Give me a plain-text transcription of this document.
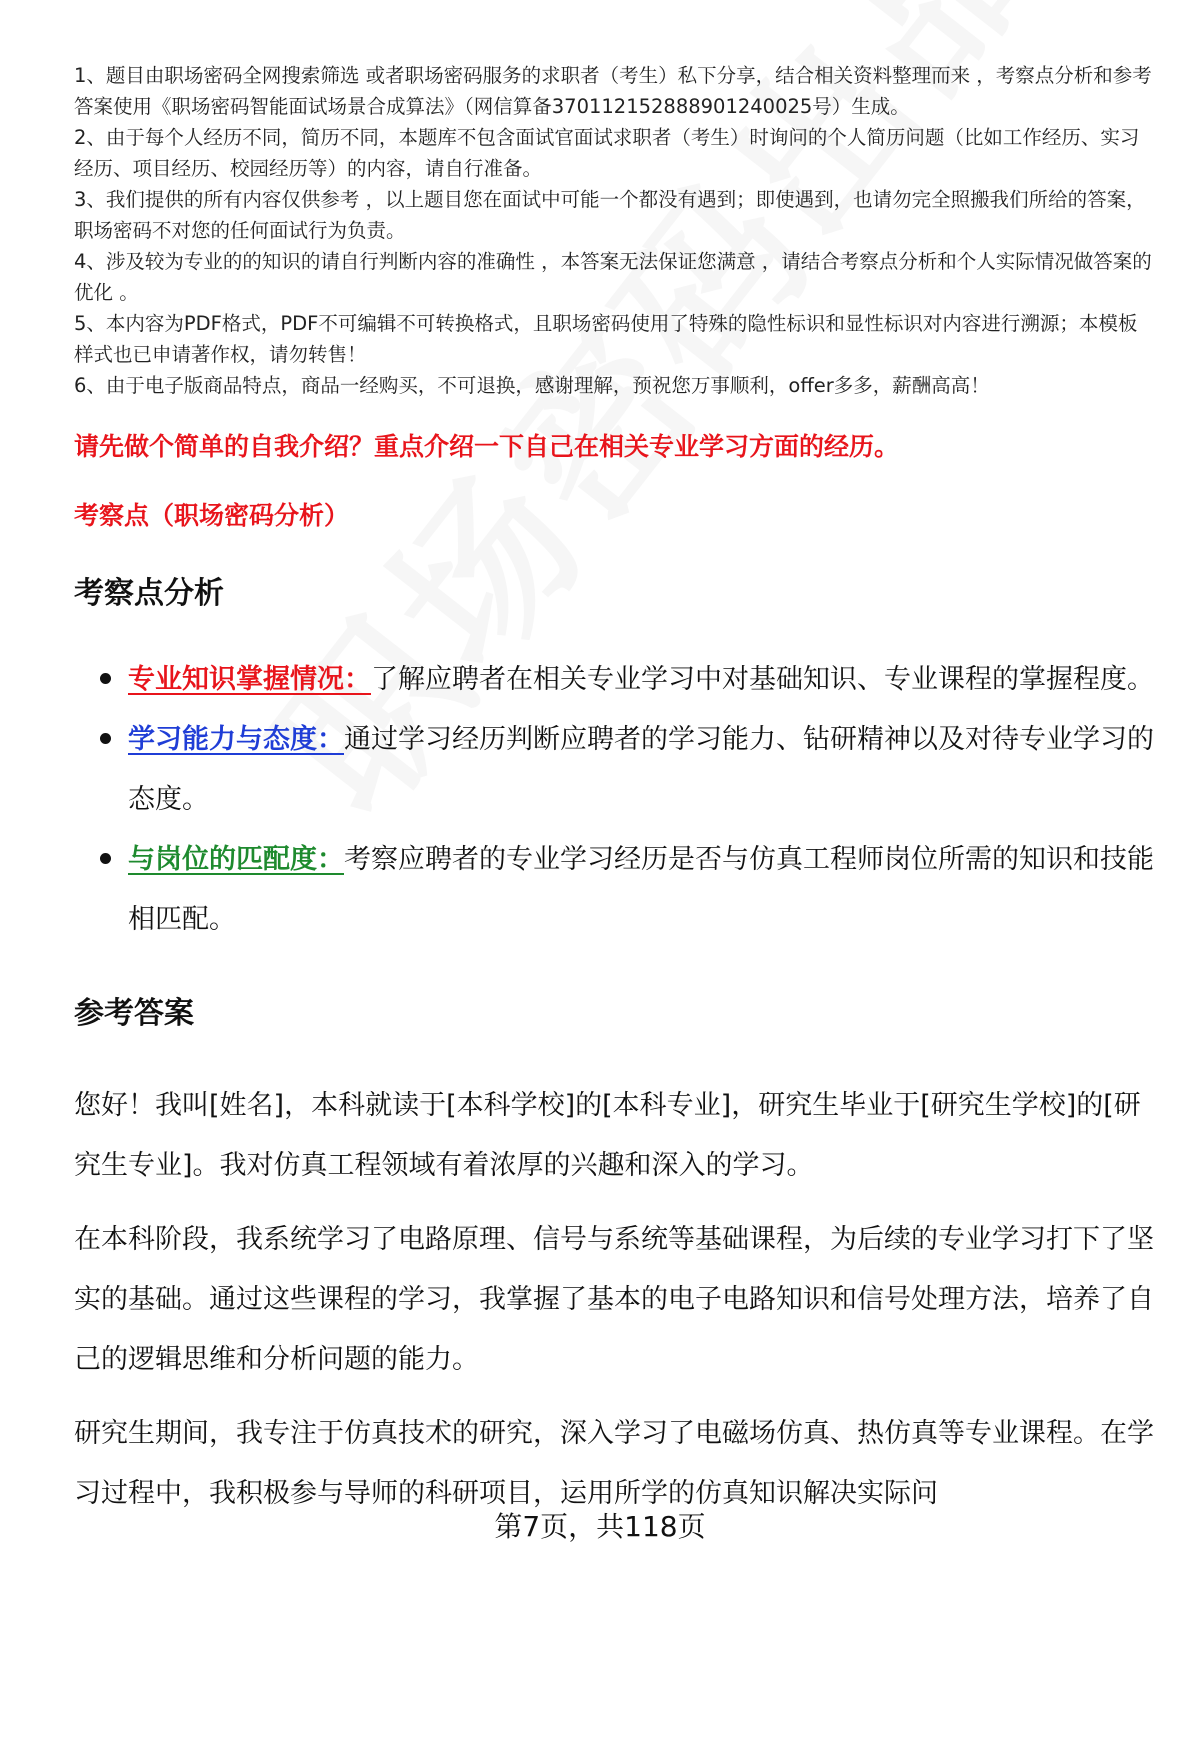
1、题目由职场密码全网搜索筛选 或者职场密码服务的求职者（考生）私下分享，结合相关资料整理而来 ，考察点分析和参考答案使用《职场密码智能面试场景合成算法》（网信算备370112152888901240025号）生成。

2、由于每个人经历不同，简历不同，本题库不包含面试官面试求职者（考生）时询问的个人简历问题（比如工作经历、实习经历、项目经历、校园经历等）的内容，请自行准备。

3、我们提供的所有内容仅供参考 ，以上题目您在面试中可能一个都没有遇到；即使遇到，也请勿完全照搬我们所给的答案，职场密码不对您的任何面试行为负责。

4、涉及较为专业的的知识的请自行判断内容的准确性 ，本答案无法保证您满意 ，请结合考察点分析和个人实际情况做答案的优化 。

5、本内容为PDF格式，PDF不可编辑不可转换格式，且职场密码使用了特殊的隐性标识和显性标识对内容进行溯源；本模板样式也已申请著作权，请勿转售！

6、由于电子版商品特点，商品一经购买，不可退换，感谢理解，预祝您万事顺利，offer多多，薪酬高高！

请先做个简单的自我介绍？重点介绍一下自己在相关专业学习方面的经历。

考察点（职场密码分析）

考察点分析
专业知识掌握情况：了解应聘者在相关专业学习中对基础知识、专业课程的掌握程度。
学习能力与态度：通过学习经历判断应聘者的学习能力、钻研精神以及对待专业学习的态度。
与岗位的匹配度：考察应聘者的专业学习经历是否与仿真工程师岗位所需的知识和技能相匹配。
参考答案

您好！我叫[姓名]，本科就读于[本科学校]的[本科专业]，研究生毕业于[研究生学校]的[研究生专业]。我对仿真工程领域有着浓厚的兴趣和深入的学习。

在本科阶段，我系统学习了电路原理、信号与系统等基础课程，为后续的专业学习打下了坚实的基础。通过这些课程的学习，我掌握了基本的电子电路知识和信号处理方法，培养了自己的逻辑思维和分析问题的能力。

研究生期间，我专注于仿真技术的研究，深入学习了电磁场仿真、热仿真等专业课程。在学习过程中，我积极参与导师的科研项目，运用所学的仿真知识解决实际问

第7页，共118页
